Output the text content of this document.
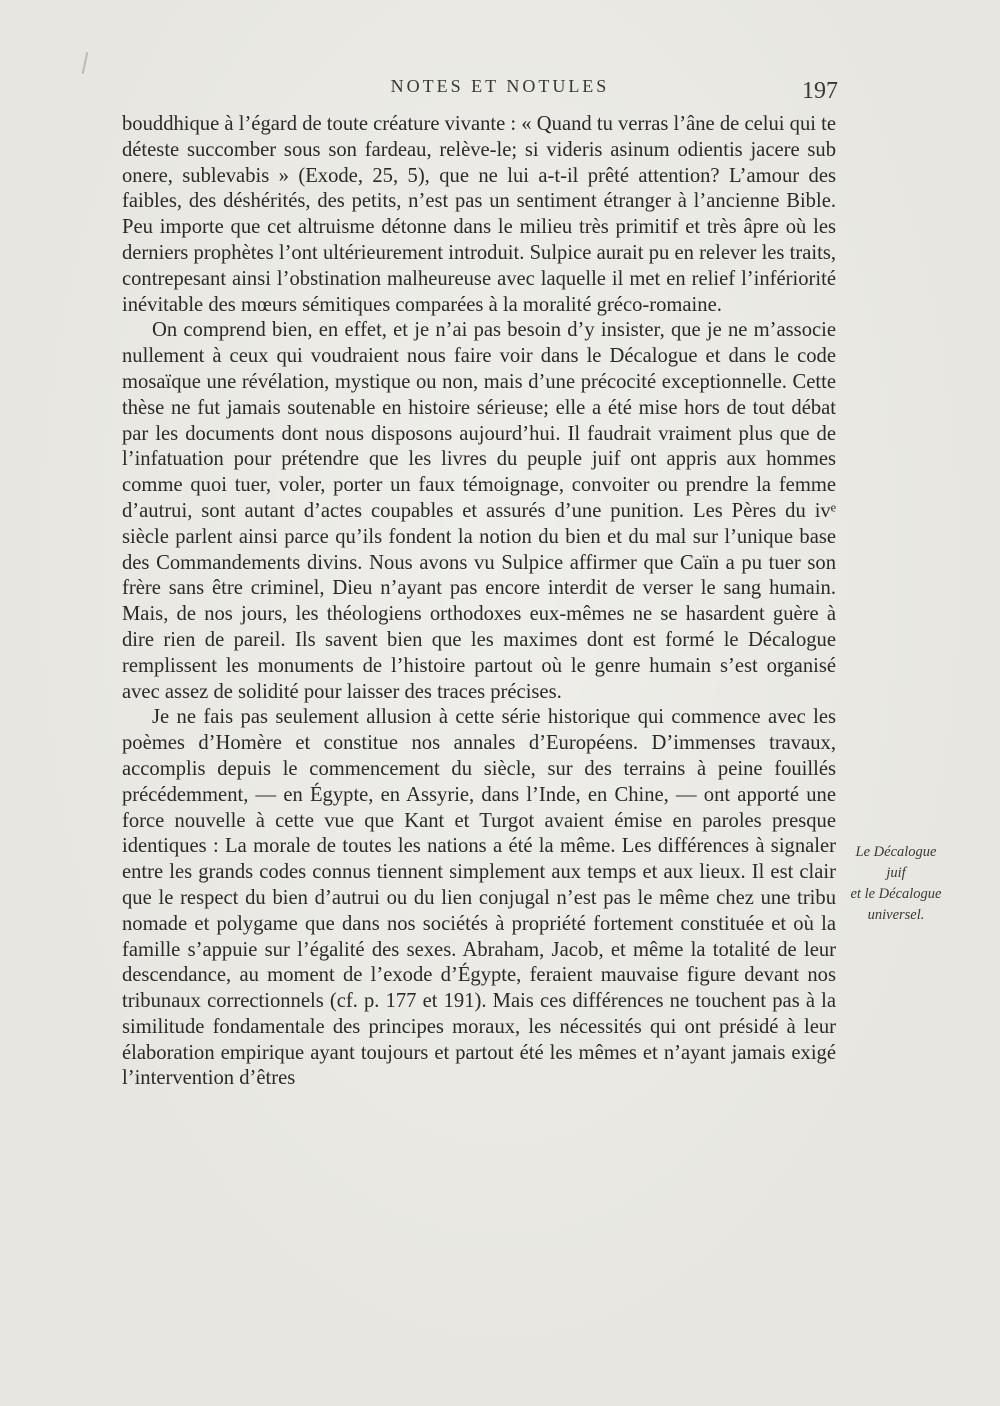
NOTES ET NOTULES	197

bouddhique à l’égard de toute créature vivante : « Quand tu verras l’âne de celui qui te déteste succomber sous son fardeau, relève-le; si videris asinum odientis jacere sub onere, sublevabis » (Exode, 25, 5), que ne lui a-t-il prêté attention? L’amour des faibles, des déshérités, des petits, n’est pas un sentiment étranger à l’ancienne Bible. Peu importe que cet altruisme détonne dans le milieu très primitif et très âpre où les derniers prophètes l’ont ultérieurement introduit. Sulpice aurait pu en relever les traits, contrepesant ainsi l’obstination malheureuse avec laquelle il met en relief l’infériorité inévitable des mœurs sémitiques comparées à la moralité gréco-romaine.

On comprend bien, en effet, et je n’ai pas besoin d’y insister, que je ne m’associe nullement à ceux qui voudraient nous faire voir dans le Décalogue et dans le code mosaïque une révélation, mystique ou non, mais d’une précocité exceptionnelle. Cette thèse ne fut jamais soutenable en histoire sérieuse; elle a été mise hors de tout débat par les documents dont nous disposons aujourd’hui. Il faudrait vraiment plus que de l’infatuation pour prétendre que les livres du peuple juif ont appris aux hommes comme quoi tuer, voler, porter un faux témoignage, convoiter ou prendre la femme d’autrui, sont autant d’actes coupables et assurés d’une punition. Les Pères du ivᵉ siècle parlent ainsi parce qu’ils fondent la notion du bien et du mal sur l’unique base des Commandements divins. Nous avons vu Sulpice affirmer que Caïn a pu tuer son frère sans être criminel, Dieu n’ayant pas encore interdit de verser le sang humain. Mais, de nos jours, les théologiens orthodoxes eux-mêmes ne se hasardent guère à dire rien de pareil. Ils savent bien que les maximes dont est formé le Décalogue remplissent les monuments de l’histoire partout où le genre humain s’est organisé avec assez de solidité pour laisser des traces précises.

Je ne fais pas seulement allusion à cette série historique qui commence avec les poèmes d’Homère et constitue nos annales d’Européens. D’immenses travaux, accomplis depuis le commencement du siècle, sur des terrains à peine fouillés précédemment, — en Égypte, en Assyrie, dans l’Inde, en Chine, — ont apporté une force nouvelle à cette vue que Kant et Turgot avaient émise en paroles presque identiques : La morale de toutes les nations a été la même. Les différences à signaler entre les grands codes connus tiennent simplement aux temps et aux lieux. Il est clair que le respect du bien d’autrui ou du lien conjugal n’est pas le même chez une tribu nomade et polygame que dans nos sociétés à propriété fortement constituée et où la famille s’appuie sur l’égalité des sexes. Abraham, Jacob, et même la totalité de leur descendance, au moment de l’exode d’Égypte, feraient mauvaise figure devant nos tribunaux correctionnels (cf. p. 177 et 191). Mais ces différences ne touchent pas à la similitude fondamentale des principes moraux, les nécessités qui ont présidé à leur élaboration empirique ayant toujours et partout été les mêmes et n’ayant jamais exigé l’intervention d’êtres

Le Décalogue
juif
et le Décalogue
universel.
